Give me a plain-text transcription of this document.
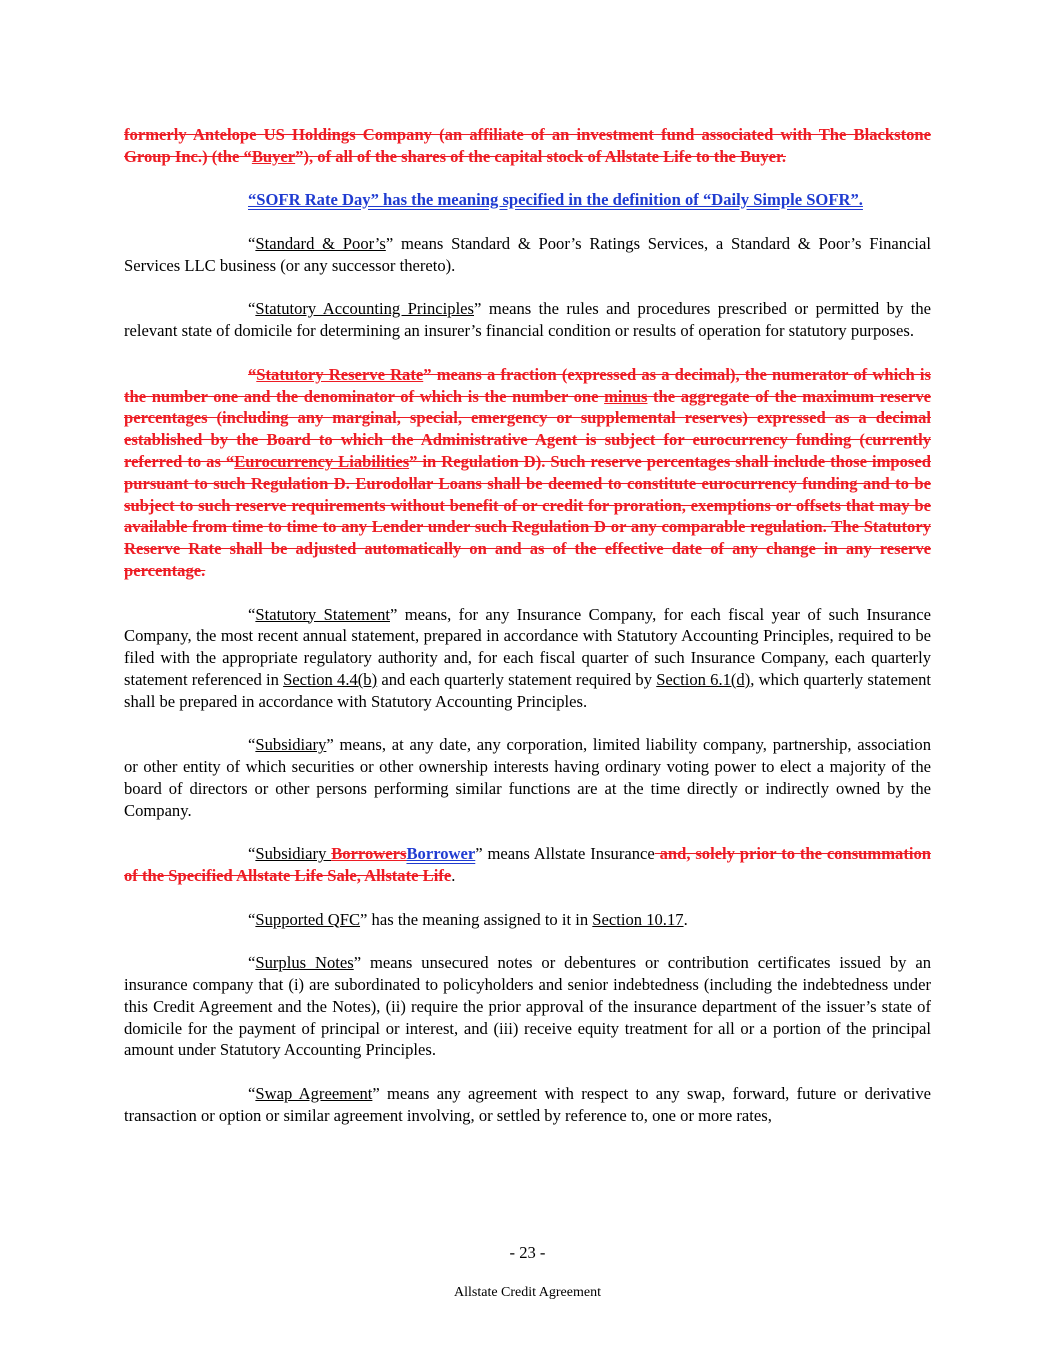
formerly Antelope US Holdings Company (an affiliate of an investment fund associated with The Blackstone Group Inc.) (the “Buyer”), of all of the shares of the capital stock of Allstate Life to the Buyer.

“SOFR Rate Day” has the meaning specified in the definition of “Daily Simple SOFR”.

“Standard & Poor’s” means Standard & Poor’s Ratings Services, a Standard & Poor’s Financial Services LLC business (or any successor thereto).

“Statutory Accounting Principles” means the rules and procedures prescribed or permitted by the relevant state of domicile for determining an insurer’s financial condition or results of operation for statutory purposes.

“Statutory Reserve Rate” means a fraction (expressed as a decimal), the numerator of which is the number one and the denominator of which is the number one minus the aggregate of the maximum reserve percentages (including any marginal, special, emergency or supplemental reserves) expressed as a decimal established by the Board to which the Administrative Agent is subject for eurocurrency funding (currently referred to as “Eurocurrency Liabilities” in Regulation D). Such reserve percentages shall include those imposed pursuant to such Regulation D. Eurodollar Loans shall be deemed to constitute eurocurrency funding and to be subject to such reserve requirements without benefit of or credit for proration, exemptions or offsets that may be available from time to time to any Lender under such Regulation D or any comparable regulation. The Statutory Reserve Rate shall be adjusted automatically on and as of the effective date of any change in any reserve percentage.

“Statutory Statement” means, for any Insurance Company, for each fiscal year of such Insurance Company, the most recent annual statement, prepared in accordance with Statutory Accounting Principles, required to be filed with the appropriate regulatory authority and, for each fiscal quarter of such Insurance Company, each quarterly statement referenced in Section 4.4(b) and each quarterly statement required by Section 6.1(d), which quarterly statement shall be prepared in accordance with Statutory Accounting Principles.

“Subsidiary” means, at any date, any corporation, limited liability company, partnership, association or other entity of which securities or other ownership interests having ordinary voting power to elect a majority of the board of directors or other persons performing similar functions are at the time directly or indirectly owned by the Company.

“Subsidiary BorrowersBorrower” means Allstate Insurance and, solely prior to the consummation of the Specified Allstate Life Sale, Allstate Life.

“Supported QFC” has the meaning assigned to it in Section 10.17.

“Surplus Notes” means unsecured notes or debentures or contribution certificates issued by an insurance company that (i) are subordinated to policyholders and senior indebtedness (including the indebtedness under this Credit Agreement and the Notes), (ii) require the prior approval of the insurance department of the issuer’s state of domicile for the payment of principal or interest, and (iii) receive equity treatment for all or a portion of the principal amount under Statutory Accounting Principles.

“Swap Agreement” means any agreement with respect to any swap, forward, future or derivative transaction or option or similar agreement involving, or settled by reference to, one or more rates,

- 23 -
Allstate Credit Agreement
